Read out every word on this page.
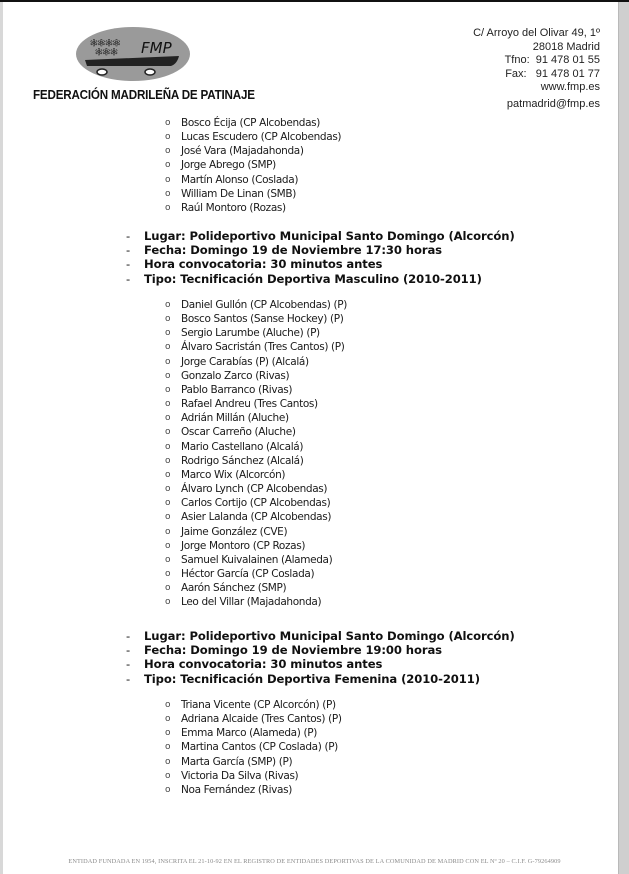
✲✲✲✲
✲✲✲ FMP
FEDERACIÓN MADRILEÑA DE PATINAJE
C/ Arroyo del Olivar 49, 1º
28018 Madrid
Tfno:  91 478 01 55
Fax:   91 478 01 77
www.fmp.es
patmadrid@fmp.es
o Bosco Écija (CP Alcobendas)
o Lucas Escudero (CP Alcobendas)
o José Vara (Majadahonda)
o Jorge Abrego (SMP)
o Martín Alonso (Coslada)
o William De Linan (SMB)
o Raúl Montoro (Rozas)
- Lugar: Polideportivo Municipal Santo Domingo (Alcorcón)
- Fecha: Domingo 19 de Noviembre 17:30 horas
- Hora convocatoria: 30 minutos antes
- Tipo: Tecnificación Deportiva Masculino (2010-2011)
o Daniel Gullón (CP Alcobendas) (P)
o Bosco Santos (Sanse Hockey) (P)
o Sergio Larumbe (Aluche) (P)
o Álvaro Sacristán (Tres Cantos) (P)
o Jorge Carabías (P) (Alcalá)
o Gonzalo Zarco (Rivas)
o Pablo Barranco (Rivas)
o Rafael Andreu (Tres Cantos)
o Adrián Millán (Aluche)
o Oscar Carreño (Aluche)
o Mario Castellano (Alcalá)
o Rodrigo Sánchez (Alcalá)
o Marco Wix (Alcorcón)
o Álvaro Lynch (CP Alcobendas)
o Carlos Cortijo (CP Alcobendas)
o Asier Lalanda (CP Alcobendas)
o Jaime González (CVE)
o Jorge Montoro (CP Rozas)
o Samuel Kuivalainen (Alameda)
o Héctor García (CP Coslada)
o Aarón Sánchez (SMP)
o Leo del Villar (Majadahonda)
- Lugar: Polideportivo Municipal Santo Domingo (Alcorcón)
- Fecha: Domingo 19 de Noviembre 19:00 horas
- Hora convocatoria: 30 minutos antes
- Tipo: Tecnificación Deportiva Femenina (2010-2011)
o Triana Vicente (CP Alcorcón) (P)
o Adriana Alcaide (Tres Cantos) (P)
o Emma Marco (Alameda) (P)
o Martina Cantos (CP Coslada) (P)
o Marta García (SMP) (P)
o Victoria Da Silva (Rivas)
o Noa Fernández (Rivas)
ENTIDAD FUNDADA EN 1954, INSCRITA EL 21-10-92 EN EL REGISTRO DE ENTIDADES DEPORTIVAS DE LA COMUNIDAD DE MADRID CON EL Nº 20 – C.I.F. G-79264909
